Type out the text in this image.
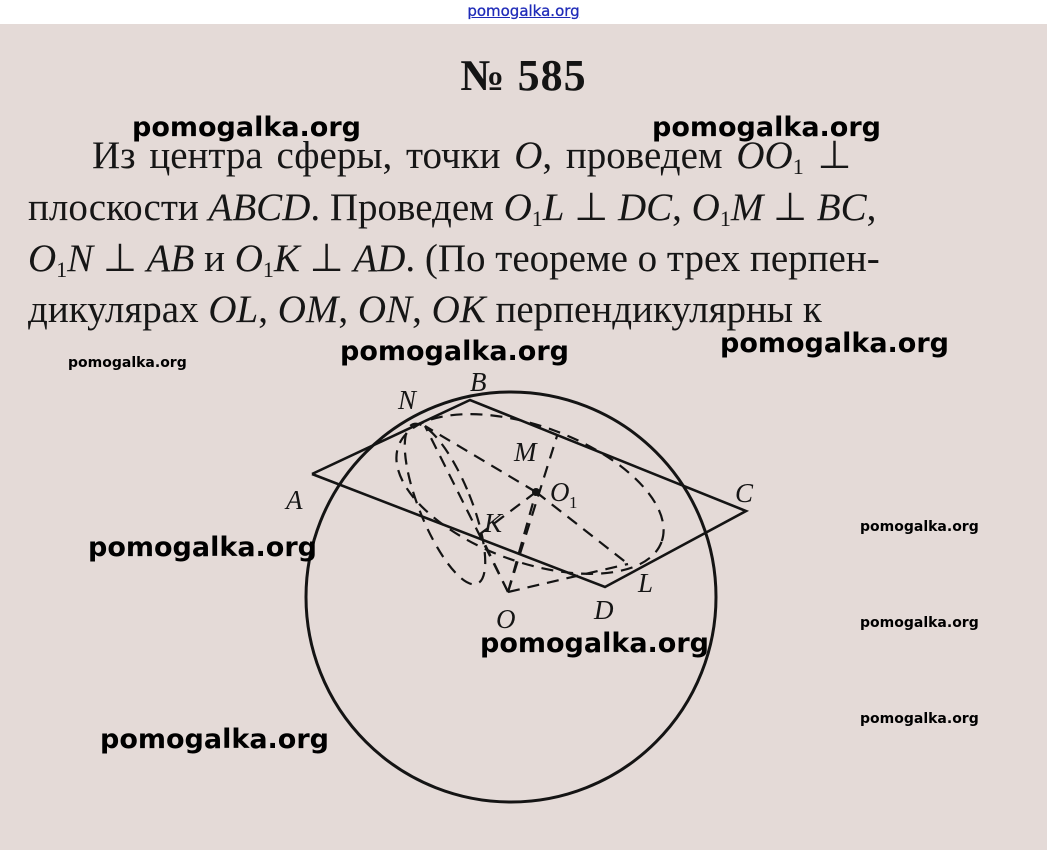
pomogalka.org
№ 585
Из центра сферы, точки O, проведем $OO_1$ ⊥
плоскости ABCD. Проведем $O_1L$ ⊥ DC, $O_1M$ ⊥ BC,
$O_1N$ ⊥ AB и $O_1K$ ⊥ AD. (По теореме о трех перпен-
дикулярах OL, OM, ON, OK перпендикулярны к
A
B
C
D
N
M
K
L
O
O 1
pomogalka.org	pomogalka.org
pomogalka.org	pomogalka.org
pomogalka.org
pomogalka.org
pomogalka.org
pomogalka.org
pomogalka.org
pomogalka.org
pomogalka.org
